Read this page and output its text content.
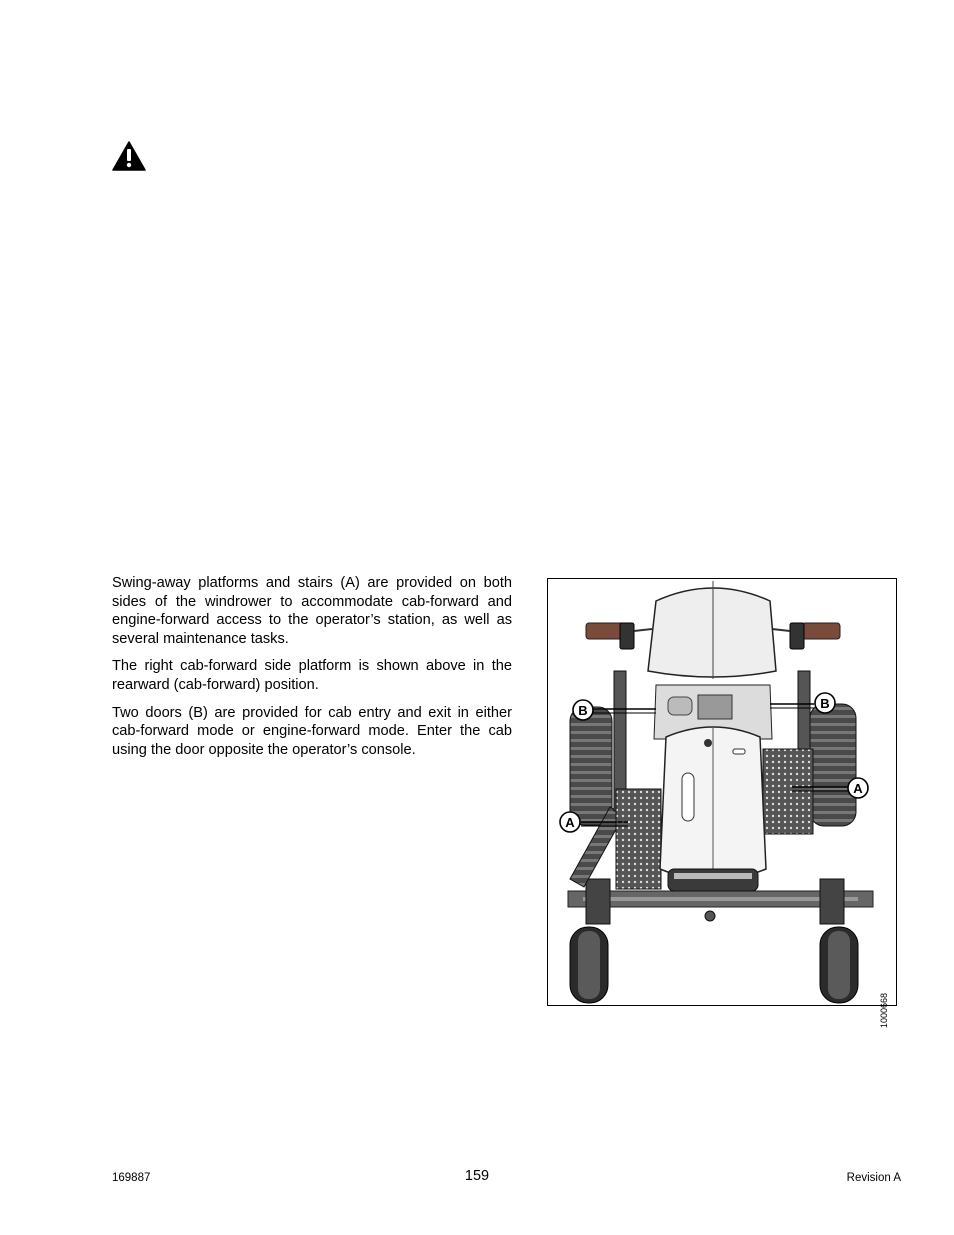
Swing-away platforms and stairs (A) are provided on both sides of the windrower to accommodate cab-forward and engine-forward access to the operator’s station, as well as several maintenance tasks.

The right cab-forward side platform is shown above in the rearward (cab-forward) position.

Two doors (B) are provided for cab entry and exit in either cab-forward mode or engine-forward mode. Enter the cab using the door opposite the operator’s console.

B	B
A
A
1000668
169887	159	Revision A
